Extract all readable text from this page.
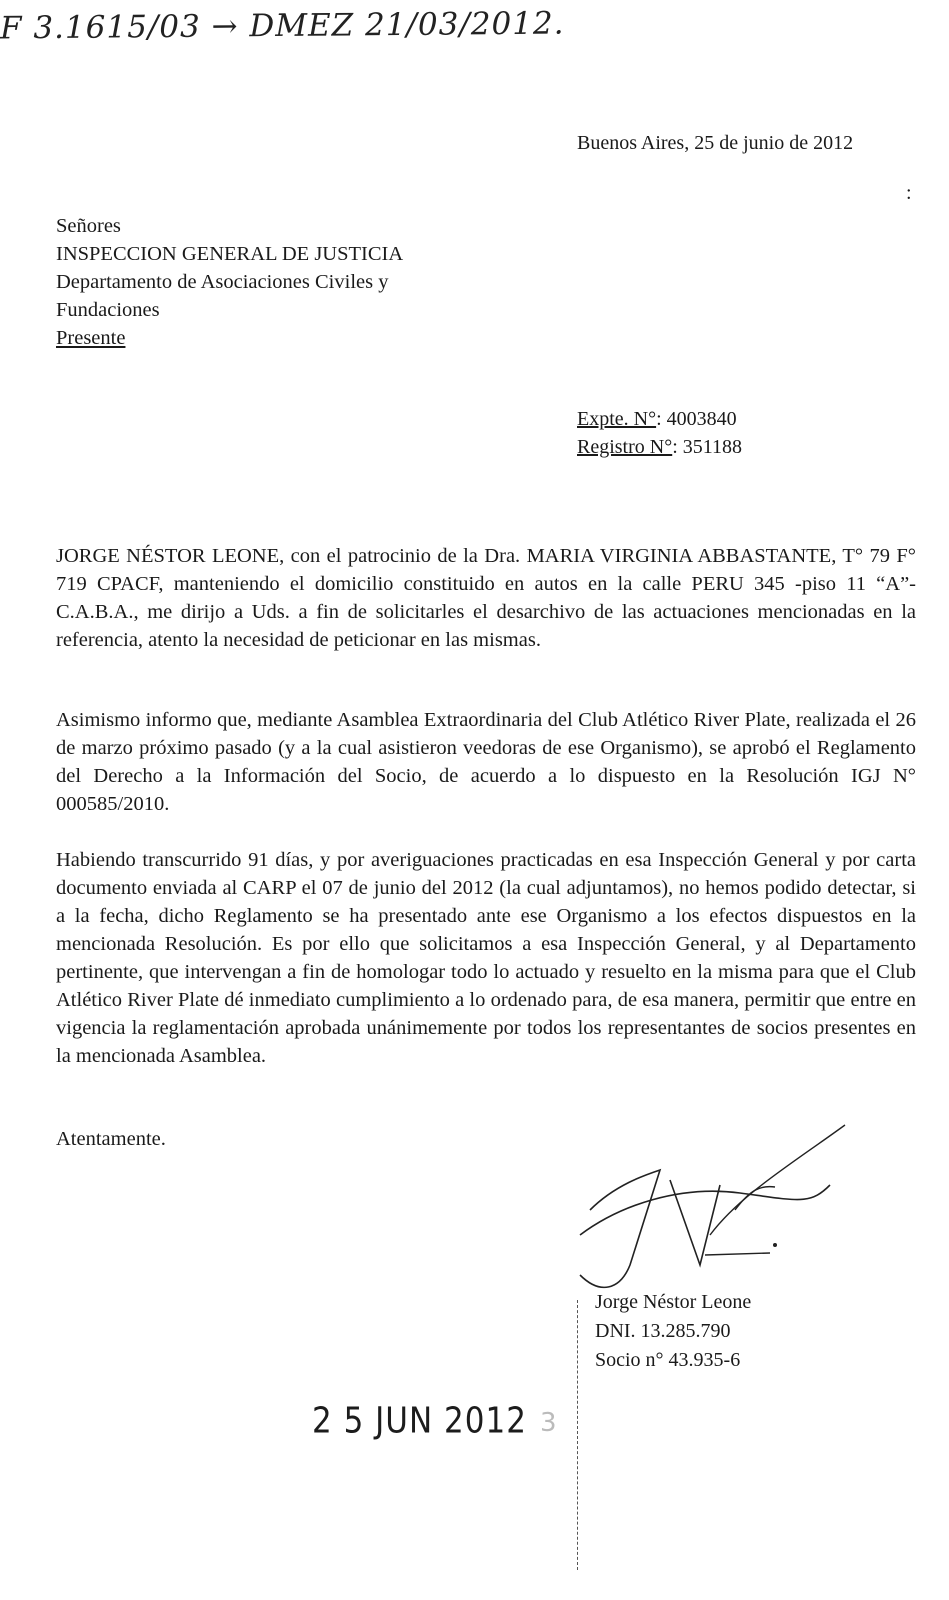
F 3.1615/03 → DMEZ 21/03/2012.
Buenos Aires, 25 de junio de 2012
:
Señores
INSPECCION GENERAL DE JUSTICIA
Departamento de Asociaciones Civiles y
Fundaciones
Presente
Expte. N°: 4003840
Registro N°: 351188
JORGE NÉSTOR LEONE, con el patrocinio de la Dra. MARIA VIRGINIA ABBASTANTE, T° 79 F° 719 CPACF, manteniendo el domicilio constituido en autos en la calle PERU 345 -piso 11 “A”- C.A.B.A., me dirijo a Uds. a fin de solicitarles el desarchivo de las actuaciones mencionadas en la referencia, atento la necesidad de peticionar en las mismas.
Asimismo informo que, mediante Asamblea Extraordinaria del Club Atlético River Plate, realizada el 26 de marzo próximo pasado (y a la cual asistieron veedoras de ese Organismo), se aprobó el Reglamento del Derecho a la Información del Socio, de acuerdo a lo dispuesto en la Resolución IGJ N° 000585/2010.
Habiendo transcurrido 91 días, y por averiguaciones practicadas en esa Inspección General y por carta documento enviada al CARP el 07 de junio del 2012 (la cual adjuntamos), no hemos podido detectar, si a la fecha, dicho Reglamento se ha presentado ante ese Organismo a los efectos dispuestos en la mencionada Resolución. Es por ello que solicitamos a esa Inspección General, y al Departamento pertinente, que intervengan a fin de homologar todo lo actuado y resuelto en la misma para que el Club Atlético River Plate dé inmediato cumplimiento a lo ordenado para, de esa manera, permitir que entre en vigencia la reglamentación aprobada unánimemente por todos los representantes de socios presentes en la mencionada Asamblea.
Atentamente.
Jorge Néstor Leone
DNI. 13.285.790
Socio n° 43.935-6
2 5 JUN 2012 3
